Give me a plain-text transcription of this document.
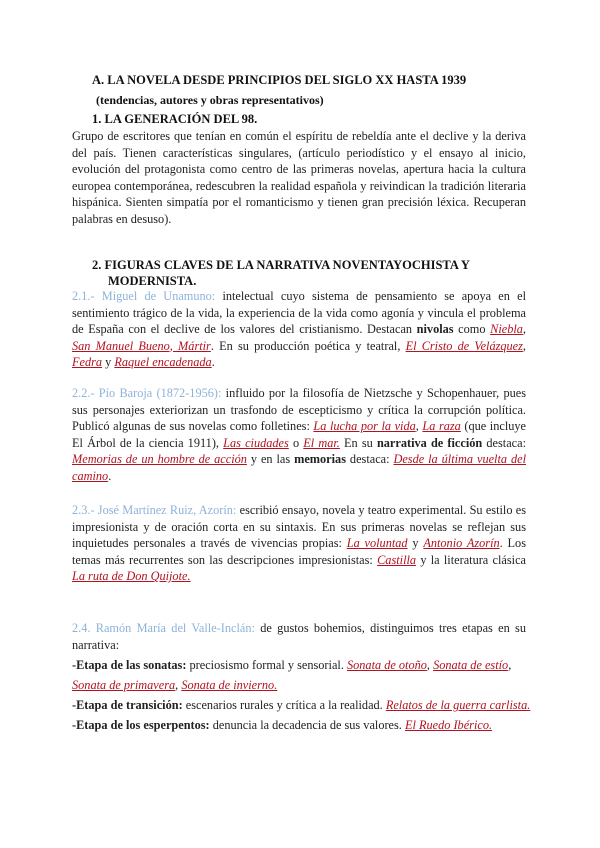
A. LA NOVELA DESDE PRINCIPIOS DEL SIGLO XX HASTA 1939
(tendencias, autores y obras representativos)
1. LA GENERACIÓN DEL 98.
Grupo de escritores que tenían en común el espíritu de rebeldía ante el declive y la deriva del país. Tienen características singulares, (artículo periodístico y el ensayo al inicio, evolución del protagonista como centro de las primeras novelas, apertura hacia la cultura europea contemporánea, redescubren la realidad española y reivindican la tradición literaria hispánica. Sienten simpatía por el romanticismo y tienen gran precisión léxica. Recuperan palabras en desuso).
2. FIGURAS CLAVES DE LA NARRATIVA NOVENTAYOCHISTA Y
MODERNISTA.
2.1.- Miguel de Unamuno: intelectual cuyo sistema de pensamiento se apoya en el sentimiento trágico de la vida, la experiencia de la vida como agonía y vincula el problema de España con el declive de los valores del cristianismo. Destacan nivolas como Niebla, San Manuel Bueno, Mártir. En su producción poética y teatral, El Cristo de Velázquez, Fedra y Raquel encadenada.
2.2.- Pío Baroja (1872-1956): influido por la filosofía de Nietzsche y Schopenhauer, pues sus personajes exteriorizan un trasfondo de escepticismo y crítica la corrupción política. Publicó algunas de sus novelas como folletines: La lucha por la vida, La raza (que incluye El Árbol de la ciencia 1911), Las ciudades o El mar. En su narrativa de ficción destaca: Memorias de un hombre de acción y en las memorias destaca: Desde la última vuelta del camino.
2.3.- José Martínez Ruiz, Azorín: escribió ensayo, novela y teatro experimental. Su estilo es impresionista y de oración corta en su sintaxis. En sus primeras novelas se reflejan sus inquietudes personales a través de vivencias propias: La voluntad y Antonio Azorín. Los temas más recurrentes son las descripciones impresionistas: Castilla y la literatura clásica La ruta de Don Quijote.
2.4. Ramón María del Valle-Inclán: de gustos bohemios, distinguimos tres etapas en su narrativa:
-Etapa de las sonatas: preciosismo formal y sensorial. Sonata de otoño, Sonata de estío,
Sonata de primavera, Sonata de invierno.
-Etapa de transición: escenarios rurales y crítica a la realidad. Relatos de la guerra carlista.
-Etapa de los esperpentos: denuncia la decadencia de sus valores. El Ruedo Ibérico.
